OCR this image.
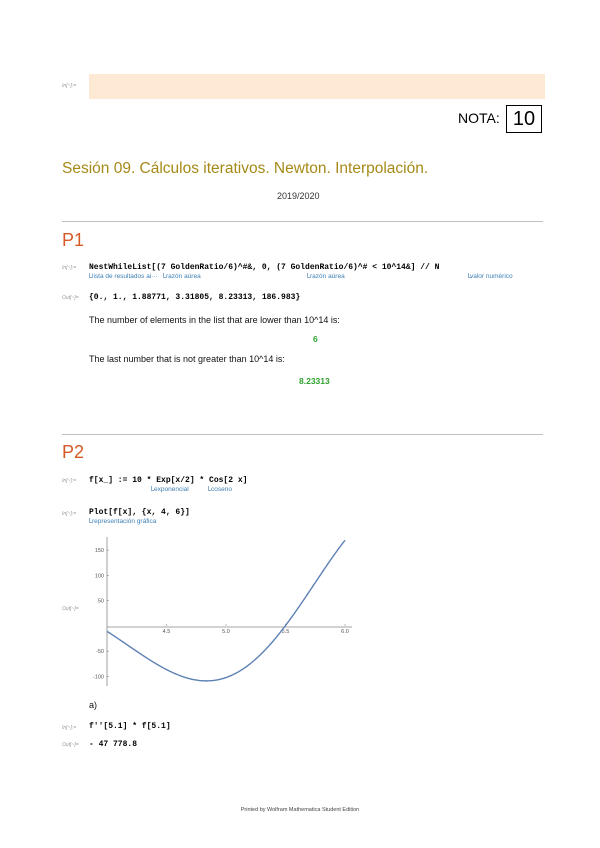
In[~]:=
NOTA: 10
Sesión 09. Cálculos iterativos. Newton. Interpolación.
2019/2020
P1
In[~]:= NestWhileList[(7 GoldenRatio/6)^#&, 0, (7 GoldenRatio/6)^# < 10^14&] // N
lista de resultados ai··· razón aúrea	razón aúrea	valor numérico
Out[~]= {0., 1., 1.88771, 3.31805, 8.23313, 186.983}
The number of elements in the list that are lower than 10^14 is:
6
The last number that is not greater than 10^14 is:
8.23313
P2
In[~]:= f[x_] := 10 * Exp[x/2] * Cos[2 x]
exponencial	coseno
In[~]:= Plot[f[x], {x, 4, 6}]
representación gráfica
Out[~]=
4.5	5.0	5.5	6.0
150
100
50
-50
-100
a)
In[~]:= f''[5.1] * f[5.1]
Out[~]= - 47 778.8
Printed by Wolfram Mathematica Student Edition
